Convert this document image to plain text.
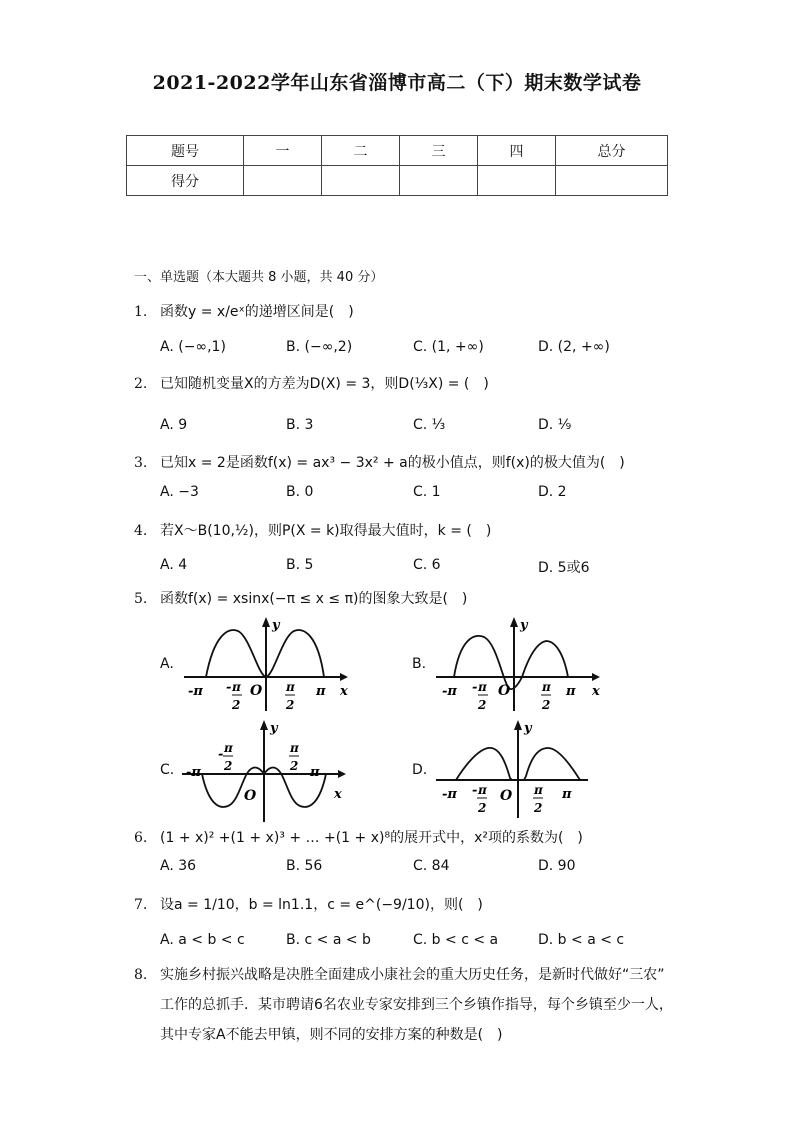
2021-2022学年山东省淄博市高二（下）期末数学试卷
题号	一	二	三	四	总分
得分					
一、单选题（本大题共 8 小题，共 40 分）
1. 函数y = x/eˣ的递增区间是(　)
A. (−∞,1)	B. (−∞,2)	C. (1, +∞)	D. (2, +∞)
2. 已知随机变量X的方差为D(X) = 3，则D(⅓X) = (　)
A. 9	B. 3	C. ⅓	D. ⅑
3. 已知x = 2是函数f(x) = ax³ − 3x² + a的极小值点，则f(x)的极大值为(　)
A. −3	B. 0	C. 1	D. 2
4. 若X～B(10,½)，则P(X = k)取得最大值时，k = (　)
A. 4	B. 5	C. 6	D. 5或6
5. 函数f(x) = xsinx(−π ≤ x ≤ π)的图象大致是(　)
A.	B.
C.	D.
-π - π
2
O π
2
π x
y
-π - π
2
O	π
2
π x
y
-π
- π
2
O
π
2 π
x
y
-π - π
2
O π
2
π
y
6. (1 + x)² +(1 + x)³ + … +(1 + x)⁸的展开式中，x²项的系数为(　)
A. 36	B. 56	C. 84	D. 90
7. 设a = 1/10，b = ln1.1，c = e^(−9/10)，则(　)
A. a < b < c	B. c < a < b	C. b < c < a	D. b < a < c
8. 实施乡村振兴战略是决胜全面建成小康社会的重大历史任务，是新时代做好“三农”
工作的总抓手．某市聘请6名农业专家安排到三个乡镇作指导，每个乡镇至少一人，
其中专家A不能去甲镇，则不同的安排方案的种数是(　)
